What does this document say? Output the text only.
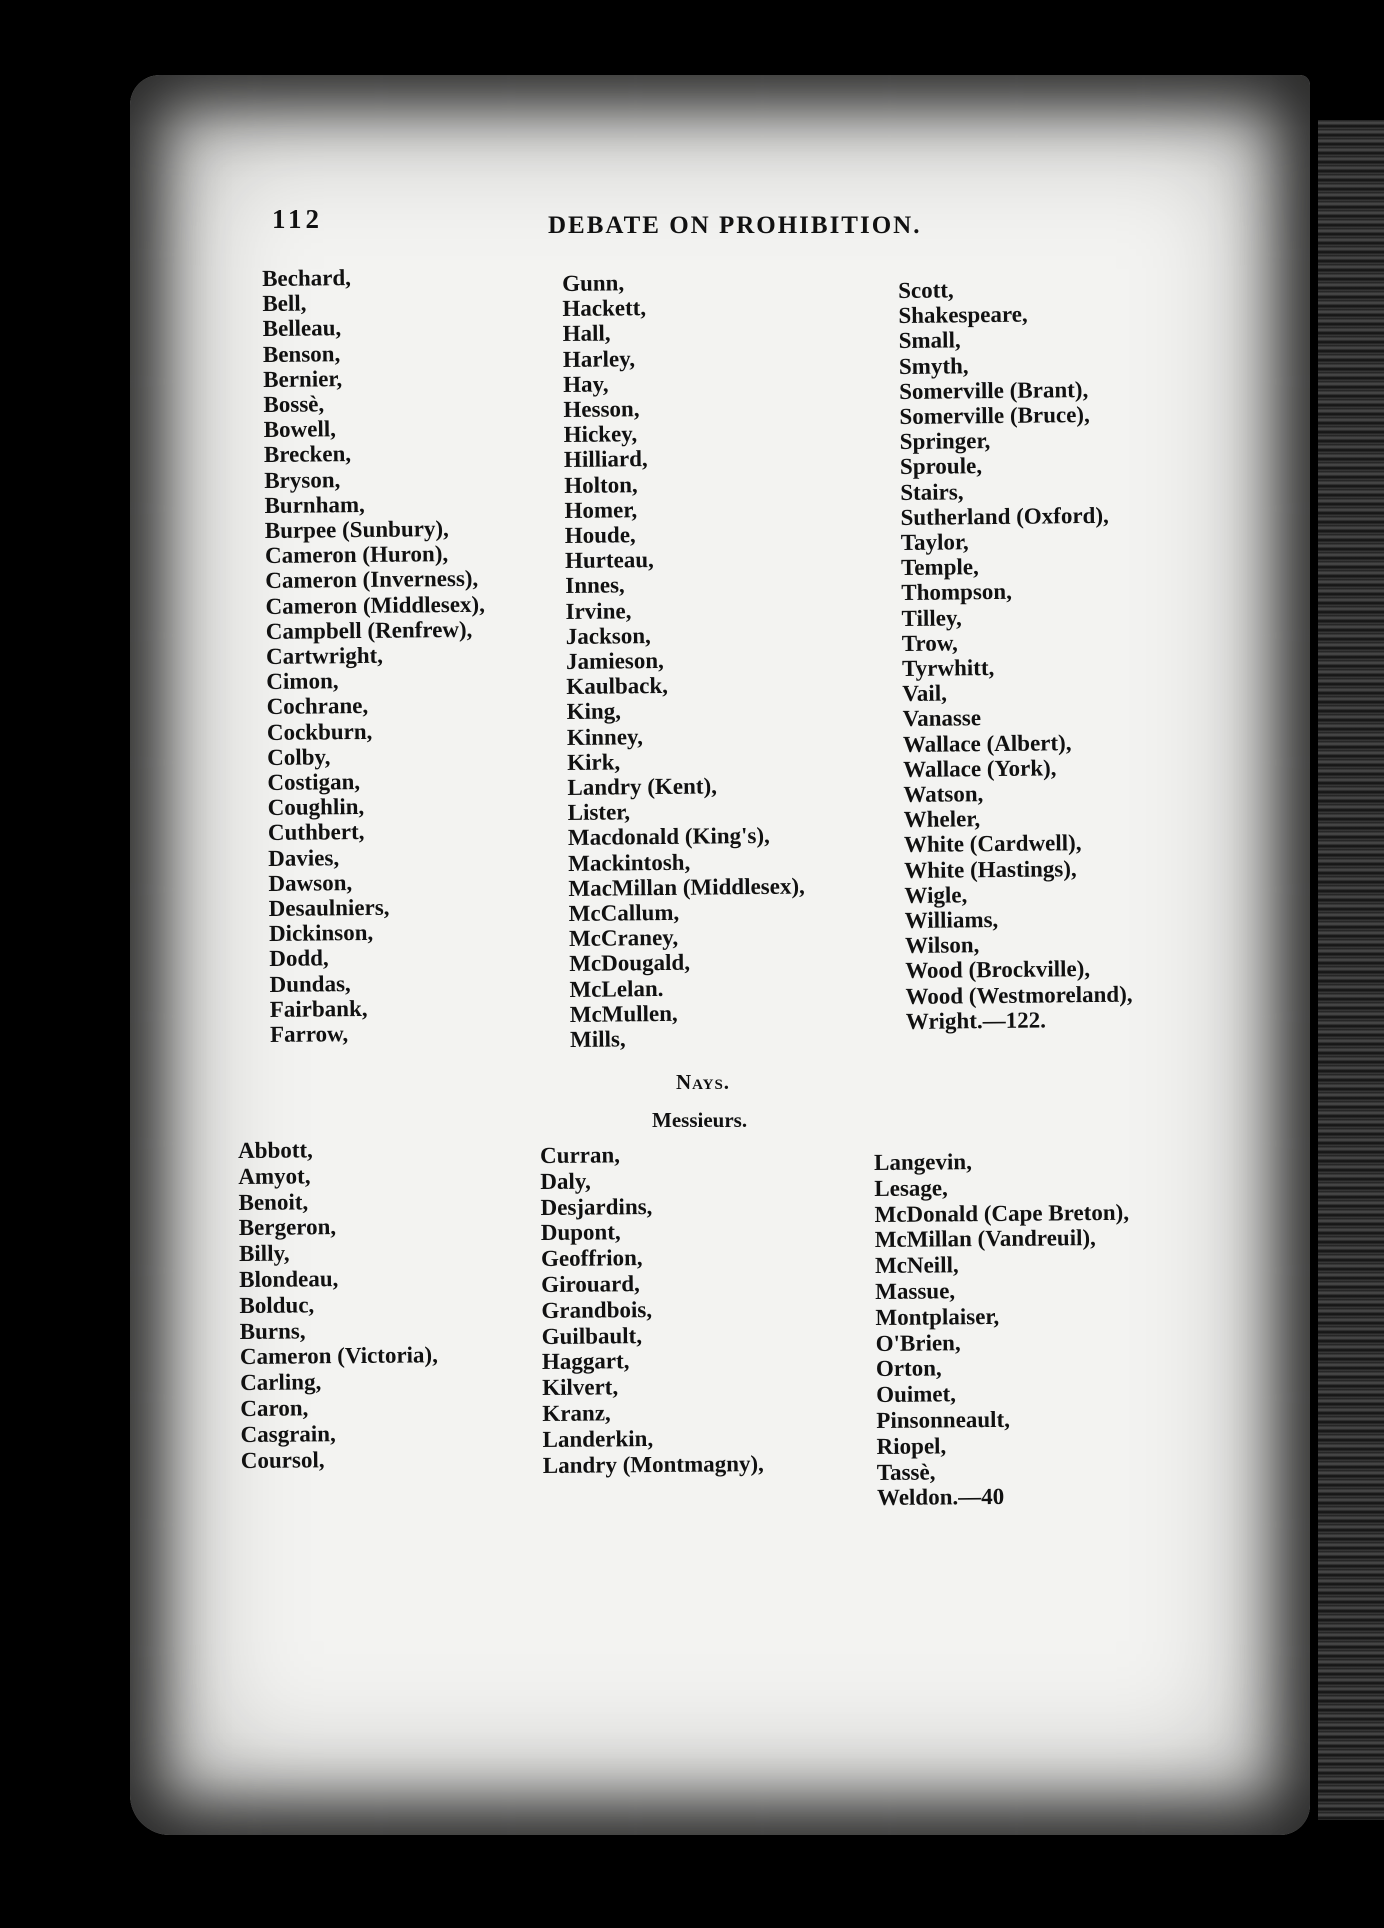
112	DEBATE ON PROHIBITION.
Bechard,
Bell,
Belleau,
Benson,
Bernier,
Bossè,
Bowell,
Brecken,
Bryson,
Burnham,
Burpee (Sunbury),
Cameron (Huron),
Cameron (Inverness),
Cameron (Middlesex),
Campbell (Renfrew),
Cartwright,
Cimon,
Cochrane,
Cockburn,
Colby,
Costigan,
Coughlin,
Cuthbert,
Davies,
Dawson,
Desaulniers,
Dickinson,
Dodd,
Dundas,
Fairbank,
Farrow,
Gunn,
Hackett,
Hall,
Harley,
Hay,
Hesson,
Hickey,
Hilliard,
Holton,
Homer,
Houde,
Hurteau,
Innes,
Irvine,
Jackson,
Jamieson,
Kaulback,
King,
Kinney,
Kirk,
Landry (Kent),
Lister,
Macdonald (King's),
Mackintosh,
MacMillan (Middlesex),
McCallum,
McCraney,
McDougald,
McLelan.
McMullen,
Mills,
Scott,
Shakespeare,
Small,
Smyth,
Somerville (Brant),
Somerville (Bruce),
Springer,
Sproule,
Stairs,
Sutherland (Oxford),
Taylor,
Temple,
Thompson,
Tilley,
Trow,
Tyrwhitt,
Vail,
Vanasse
Wallace (Albert),
Wallace (York),
Watson,
Wheler,
White (Cardwell),
White (Hastings),
Wigle,
Williams,
Wilson,
Wood (Brockville),
Wood (Westmoreland),
Wright.—122.
Nays.
Messieurs.
Abbott,
Amyot,
Benoit,
Bergeron,
Billy,
Blondeau,
Bolduc,
Burns,
Cameron (Victoria),
Carling,
Caron,
Casgrain,
Coursol,
Curran,
Daly,
Desjardins,
Dupont,
Geoffrion,
Girouard,
Grandbois,
Guilbault,
Haggart,
Kilvert,
Kranz,
Landerkin,
Landry (Montmagny),
Langevin,
Lesage,
McDonald (Cape Breton),
McMillan (Vandreuil),
McNeill,
Massue,
Montplaiser,
O'Brien,
Orton,
Ouimet,
Pinsonneault,
Riopel,
Tassè,
Weldon.—40
